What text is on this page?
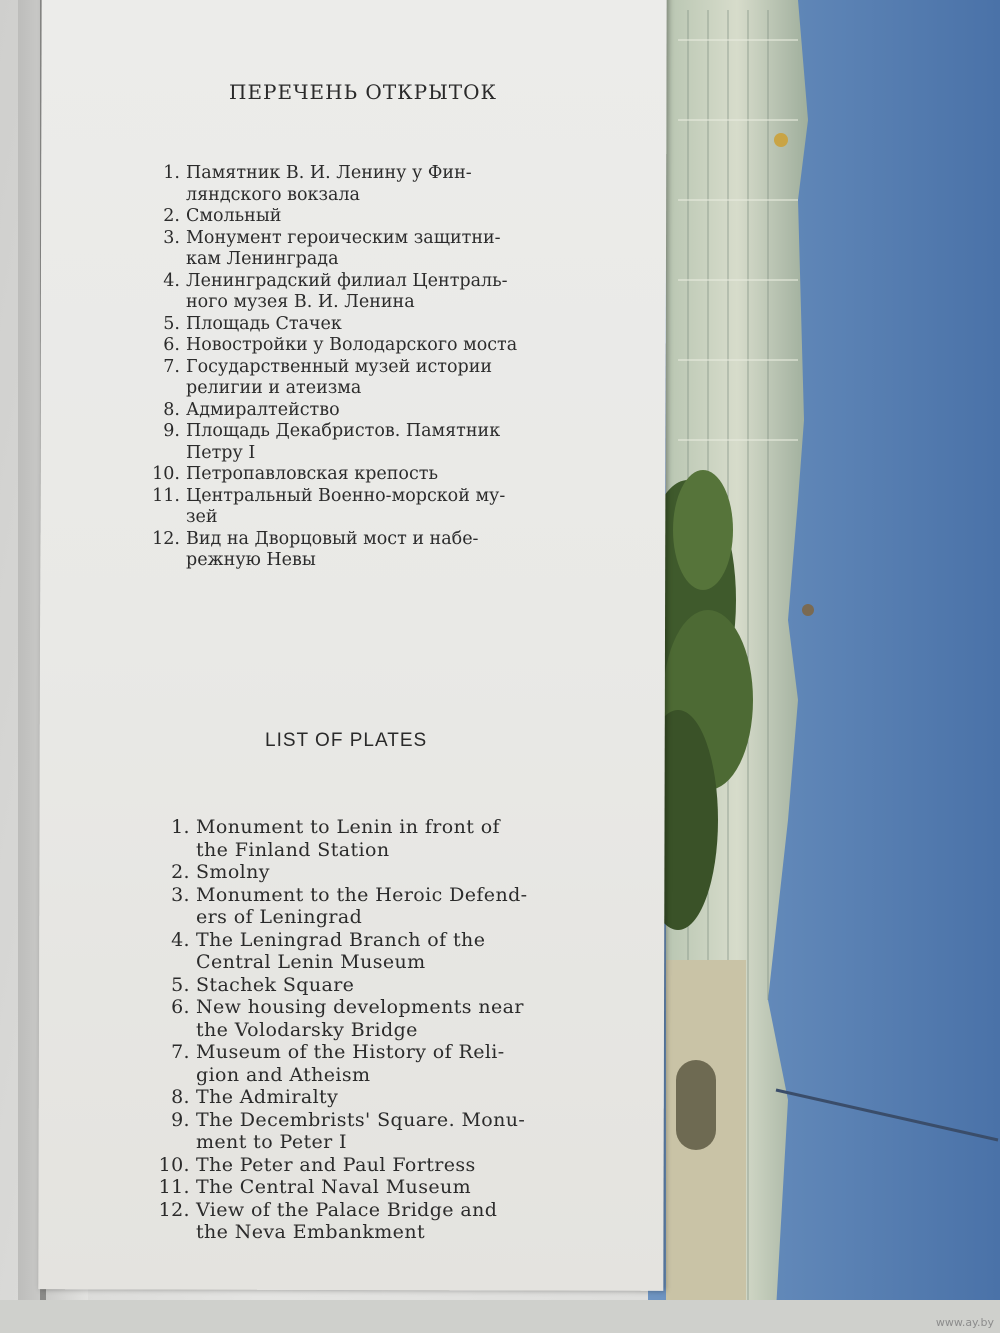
ПЕРЕЧЕНЬ ОТКРЫТОК
1. Памятник В. И. Ленину у Фин-
ляндского вокзала
2. Смольный
3. Монумент героическим защитни-
кам Ленинграда
4. Ленинградский филиал Централь-
ного музея В. И. Ленина
5. Площадь Стачек
6. Новостройки у Володарского моста
7. Государственный музей истории
религии и атеизма
8. Адмиралтейство
9. Площадь Декабристов. Памятник
Петру I
10. Петропавловская крепость
11. Центральный Военно-морской му-
зей
12. Вид на Дворцовый мост и набе-
режную Невы
LIST OF PLATES
1. Monument to Lenin in front of
the Finland Station
2. Smolny
3. Monument to the Heroic Defend-
ers of Leningrad
4. The Leningrad Branch of the
Central Lenin Museum
5. Stachek Square
6. New housing developments near
the Volodarsky Bridge
7. Museum of the History of Reli-
gion and Atheism
8. The Admiralty
9. The Decembrists' Square. Monu-
ment to Peter I
10. The Peter and Paul Fortress
11. The Central Naval Museum
12. View of the Palace Bridge and
the Neva Embankment
www.ay.by
